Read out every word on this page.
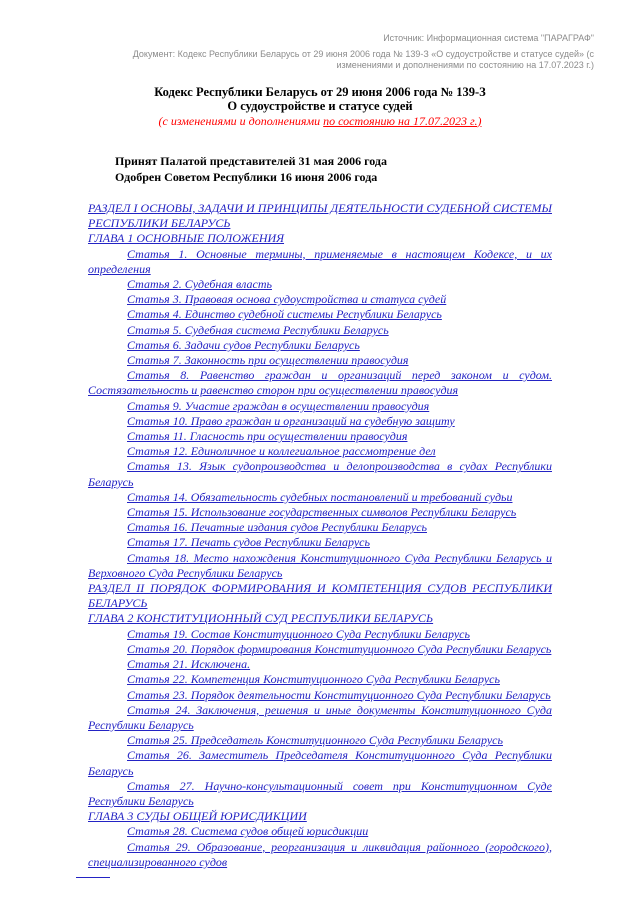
Источник: Информационная система "ПАРАГРАФ"

Документ: Кодекс Республики Беларусь от 29 июня 2006 года № 139-З «О судоустройстве и статусе судей» (с изменениями и дополнениями по состоянию на 17.07.2023 г.)

Кодекс Республики Беларусь от 29 июня 2006 года № 139-З
О судоустройстве и статусе судей
(с изменениями и дополнениями по состоянию на 17.07.2023 г.)
Принят Палатой представителей 31 мая 2006 года
Одобрен Советом Республики 16 июня 2006 года

РАЗДЕЛ I ОСНОВЫ, ЗАДАЧИ И ПРИНЦИПЫ ДЕЯТЕЛЬНОСТИ СУДЕБНОЙ СИСТЕМЫ РЕСПУБЛИКИ БЕЛАРУСЬ

ГЛАВА 1 ОСНОВНЫЕ ПОЛОЖЕНИЯ

Статья 1. Основные термины, применяемые в настоящем Кодексе, и их определения

Статья 2. Судебная власть

Статья 3. Правовая основа судоустройства и статуса судей

Статья 4. Единство судебной системы Республики Беларусь

Статья 5. Судебная система Республики Беларусь

Статья 6. Задачи судов Республики Беларусь

Статья 7. Законность при осуществлении правосудия

Статья 8. Равенство граждан и организаций перед законом и судом. Состязательность и равенство сторон при осуществлении правосудия

Статья 9. Участие граждан в осуществлении правосудия

Статья 10. Право граждан и организаций на судебную защиту

Статья 11. Гласность при осуществлении правосудия

Статья 12. Единоличное и коллегиальное рассмотрение дел

Статья 13. Язык судопроизводства и делопроизводства в судах Республики Беларусь

Статья 14. Обязательность судебных постановлений и требований судьи

Статья 15. Использование государственных символов Республики Беларусь

Статья 16. Печатные издания судов Республики Беларусь

Статья 17. Печать судов Республики Беларусь

Статья 18. Место нахождения Конституционного Суда Республики Беларусь и Верховного Суда Республики Беларусь

РАЗДЕЛ II ПОРЯДОК ФОРМИРОВАНИЯ И КОМПЕТЕНЦИЯ СУДОВ РЕСПУБЛИКИ БЕЛАРУСЬ

ГЛАВА 2 КОНСТИТУЦИОННЫЙ СУД РЕСПУБЛИКИ БЕЛАРУСЬ

Статья 19. Состав Конституционного Суда Республики Беларусь

Статья 20. Порядок формирования Конституционного Суда Республики Беларусь

Статья 21. Исключена.

Статья 22. Компетенция Конституционного Суда Республики Беларусь

Статья 23. Порядок деятельности Конституционного Суда Республики Беларусь

Статья 24. Заключения, решения и иные документы Конституционного Суда Республики Беларусь

Статья 25. Председатель Конституционного Суда Республики Беларусь

Статья 26. Заместитель Председателя Конституционного Суда Республики Беларусь

Статья 27. Научно-консультационный совет при Конституционном Суде Республики Беларусь

ГЛАВА 3 СУДЫ ОБЩЕЙ ЮРИСДИКЦИИ

Статья 28. Система судов общей юрисдикции

Статья 29. Образование, реорганизация и ликвидация районного (городского), специализированного судов
